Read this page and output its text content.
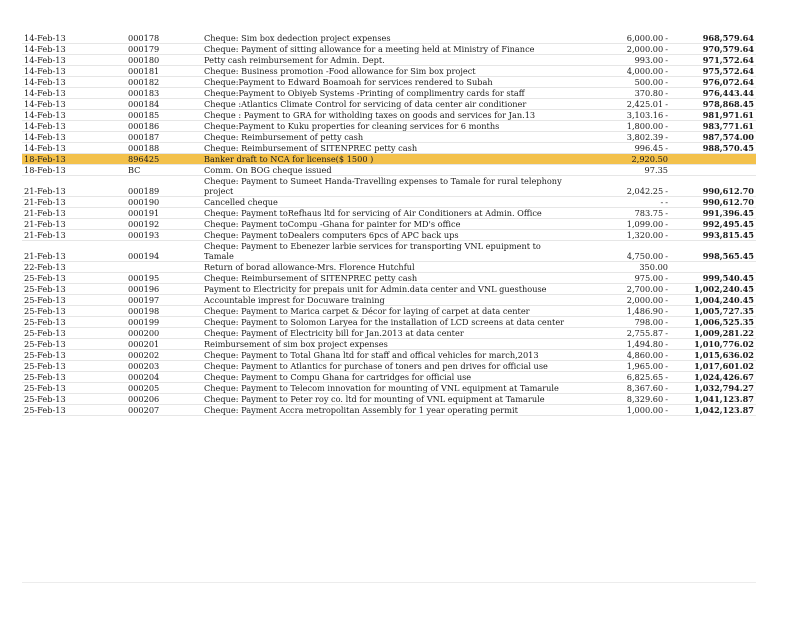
14-Feb-13	000178	Cheque: Sim box dedection project expenses	6,000.00 -	968,579.64
14-Feb-13	000179	Cheque: Payment of sitting allowance for a meeting held at Ministry of Finance	2,000.00 -	970,579.64
14-Feb-13	000180	Petty cash reimbursement for Admin. Dept.	993.00 -	971,572.64
14-Feb-13	000181	Cheque: Business promotion -Food allowance for Sim box project	4,000.00 -	975,572.64
14-Feb-13	000182	Cheque:Payment to Edward Boamoah for services rendered to Subah	500.00 -	976,072.64
14-Feb-13	000183	Cheque:Payment to Obiyeb Systems -Printing of complimentry cards for staff	370.80 -	976,443.44
14-Feb-13	000184	Cheque :Atlantics Climate Control for servicing of data center air conditioner	2,425.01 -	978,868.45
14-Feb-13	000185	Cheque : Payment to GRA for witholding taxes on goods and services for Jan.13	3,103.16 -	981,971.61
14-Feb-13	000186	Cheque:Payment to Kuku properties for cleaning services for 6 months	1,800.00 -	983,771.61
14-Feb-13	000187	Cheque: Reimbursement of petty cash	3,802.39 -	987,574.00
14-Feb-13	000188	Cheque: Reimbursement of SITENPREC petty cash	996.45 -	988,570.45
18-Feb-13	896425	Banker draft to NCA for license($ 1500 )	2,920.50	
18-Feb-13	BC	Comm. On BOG cheque issued	97.35	
21-Feb-13	000189	Cheque: Payment to Sumeet Handa-Travelling expenses to Tamale for rural telephony project	2,042.25 -	990,612.70
21-Feb-13	000190	Cancelled cheque	- -	990,612.70
21-Feb-13	000191	Cheque: Payment toRefhaus ltd for servicing of Air Conditioners at Admin. Office	783.75 -	991,396.45
21-Feb-13	000192	Cheque: Payment toCompu -Ghana for painter for MD's office	1,099.00 -	992,495.45
21-Feb-13	000193	Cheque: Payment toDealers computers 6pcs of APC back ups	1,320.00 -	993,815.45
21-Feb-13	000194	Cheque: Payment to Ebenezer larbie services for transporting VNL epuipment to Tamale	4,750.00 -	998,565.45
22-Feb-13		Return of borad allowance-Mrs. Florence Hutchful	350.00	
25-Feb-13	000195	Cheque: Reimbursement of SITENPREC petty cash	975.00 -	999,540.45
25-Feb-13	000196	Payment to Electricity for prepais unit for Admin.data center and VNL guesthouse	2,700.00 -	1,002,240.45
25-Feb-13	000197	Accountable imprest for Docuware training	2,000.00 -	1,004,240.45
25-Feb-13	000198	Cheque: Payment to Marica carpet & Décor for laying of carpet at data center	1,486.90 -	1,005,727.35
25-Feb-13	000199	Cheque: Payment to Solomon Laryea for the installation of LCD screens at data center	798.00 -	1,006,525.35
25-Feb-13	000200	Cheque: Payment of Electricity bill for Jan.2013 at data center	2,755.87 -	1,009,281.22
25-Feb-13	000201	Reimbursement of sim box project expenses	1,494.80 -	1,010,776.02
25-Feb-13	000202	Cheque: Payment to Total Ghana ltd for staff and offical vehicles for march,2013	4,860.00 -	1,015,636.02
25-Feb-13	000203	Cheque: Payment to Atlantics for purchase of toners and pen drives for official use	1,965.00 -	1,017,601.02
25-Feb-13	000204	Cheque: Payment to Compu Ghana for cartridges for official use	6,825.65 -	1,024,426.67
25-Feb-13	000205	Cheque: Payment to Telecom innovation for mounting of VNL equipment at Tamarule	8,367.60 -	1,032,794.27
25-Feb-13	000206	Cheque: Payment to Peter roy co. ltd for mounting of VNL equipment at Tamarule	8,329.60 -	1,041,123.87
25-Feb-13	000207	Cheque: Payment Accra metropolitan Assembly for 1 year operating permit	1,000.00 -	1,042,123.87
